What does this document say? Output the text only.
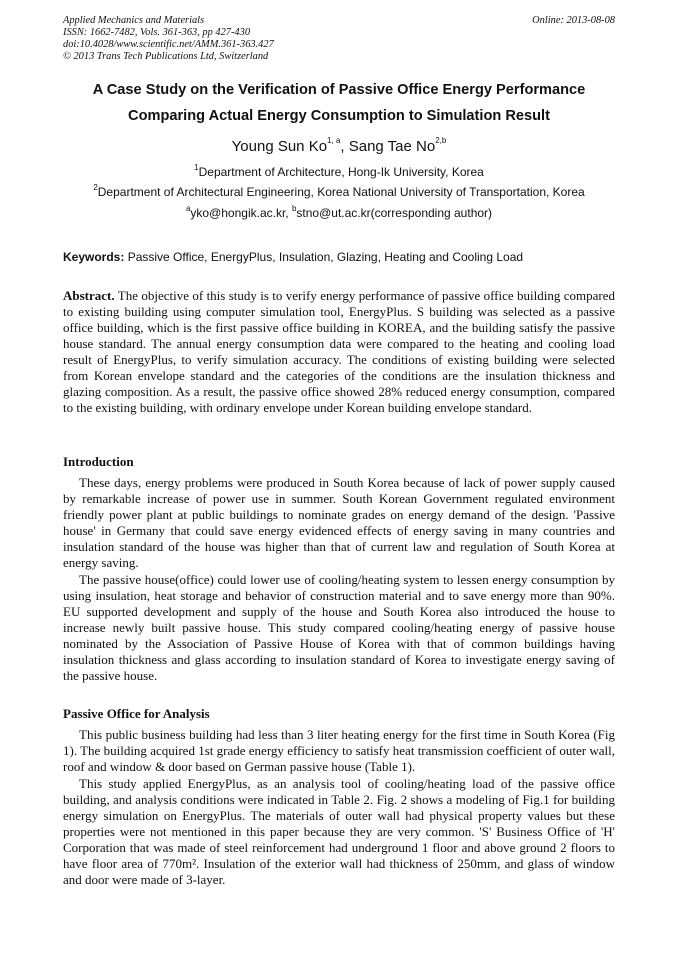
Applied Mechanics and Materials
ISSN: 1662-7482, Vols. 361-363, pp 427-430
doi:10.4028/www.scientific.net/AMM.361-363.427
© 2013 Trans Tech Publications Ltd, Switzerland
Online: 2013-08-08
A Case Study on the Verification of Passive Office Energy Performance
Comparing Actual Energy Consumption to Simulation Result
Young Sun Ko$^{1, a}$, Sang Tae No$^{2,b}$
$^1$Department of Architecture, Hong-Ik University, Korea
$^2$Department of Architectural Engineering, Korea National University of Transportation, Korea
$^a$yko@hongik.ac.kr, $^b$stno@ut.ac.kr(corresponding author)
Keywords: Passive Office, EnergyPlus, Insulation, Glazing, Heating and Cooling Load
Abstract. The objective of this study is to verify energy performance of passive office building compared to existing building using computer simulation tool, EnergyPlus. S building was selected as a passive office building, which is the first passive office building in KOREA, and the building satisfy the passive house standard. The annual energy consumption data were compared to the heating and cooling load result of EnergyPlus, to verify simulation accuracy. The conditions of existing building were selected from Korean envelope standard and the categories of the conditions are the insulation thickness and glazing composition. As a result, the passive office showed 28% reduced energy consumption, compared to the existing building, with ordinary envelope under Korean building envelope standard.
Introduction
These days, energy problems were produced in South Korea because of lack of power supply caused by remarkable increase of power use in summer. South Korean Government regulated environment friendly power plant at public buildings to nominate grades on energy demand of the design. 'Passive house' in Germany that could save energy evidenced effects of energy saving in many countries and insulation standard of the house was higher than that of current law and regulation of South Korea at energy saving.
The passive house(office) could lower use of cooling/heating system to lessen energy consumption by using insulation, heat storage and behavior of construction material and to save energy more than 90%. EU supported development and supply of the house and South Korea also introduced the house to increase newly built passive house. This study compared cooling/heating energy of passive house nominated by the Association of Passive House of Korea with that of common buildings having insulation thickness and glass according to insulation standard of Korea to investigate energy saving of the passive house.
Passive Office for Analysis
This public business building had less than 3 liter heating energy for the first time in South Korea (Fig 1). The building acquired 1st grade energy efficiency to satisfy heat transmission coefficient of outer wall, roof and window & door based on German passive house (Table 1).
This study applied EnergyPlus, as an analysis tool of cooling/heating load of the passive office building, and analysis conditions were indicated in Table 2. Fig. 2 shows a modeling of Fig.1 for building energy simulation on EnergyPlus. The materials of outer wall had physical property values but these properties were not mentioned in this paper because they are very common. 'S' Business Office of 'H' Corporation that was made of steel reinforcement had underground 1 floor and above ground 2 floors to have floor area of 770m². Insulation of the exterior wall had thickness of 250mm, and glass of window and door were made of 3-layer.
